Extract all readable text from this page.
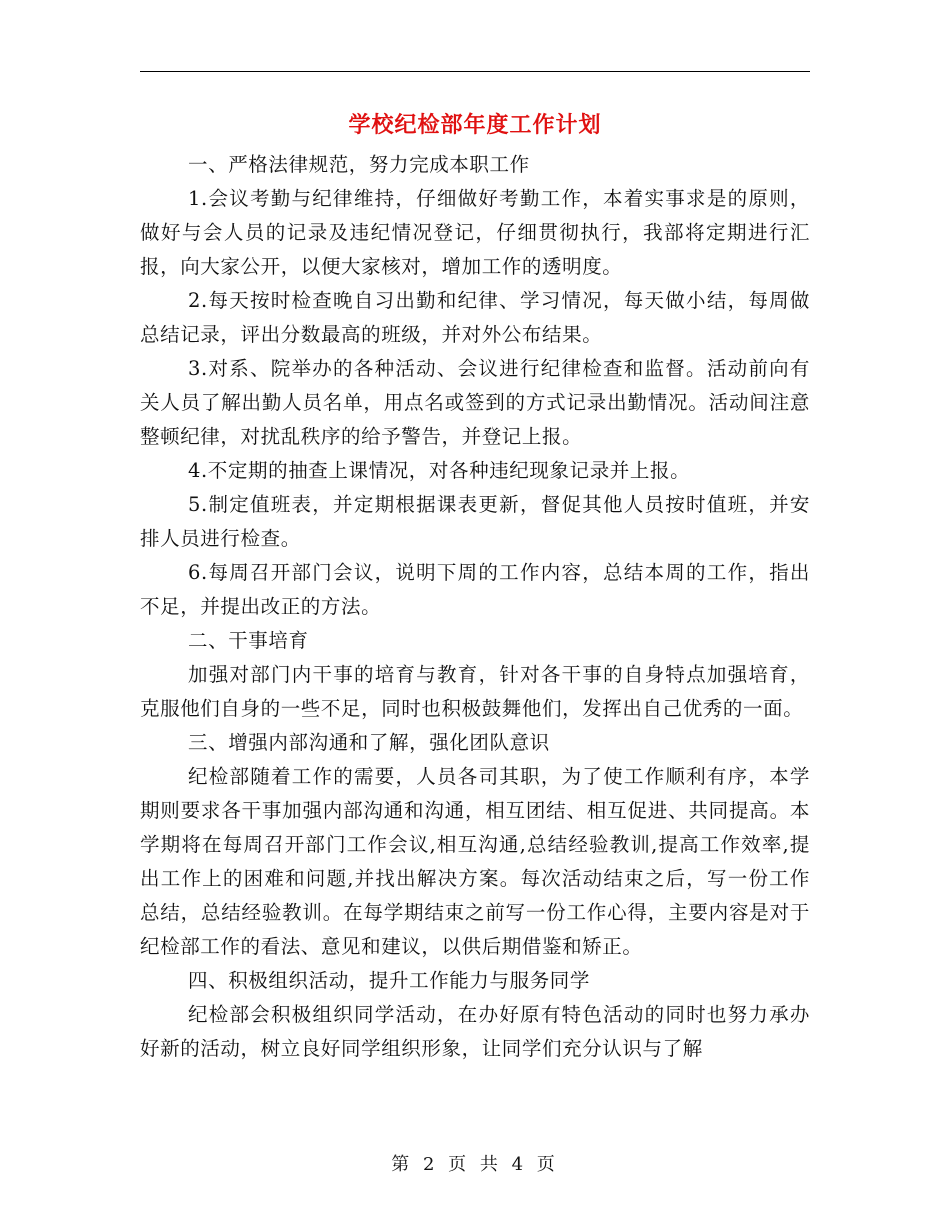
学校纪检部年度工作计划

一、严格法律规范，努力完成本职工作

1.会议考勤与纪律维持，仔细做好考勤工作，本着实事求是的原则，做好与会人员的记录及违纪情况登记，仔细贯彻执行，我部将定期进行汇报，向大家公开，以便大家核对，增加工作的透明度。

2.每天按时检查晚自习出勤和纪律、学习情况，每天做小结，每周做总结记录，评出分数最高的班级，并对外公布结果。

3.对系、院举办的各种活动、会议进行纪律检查和监督。活动前向有关人员了解出勤人员名单，用点名或签到的方式记录出勤情况。活动间注意整顿纪律，对扰乱秩序的给予警告，并登记上报。

4.不定期的抽查上课情况，对各种违纪现象记录并上报。

5.制定值班表，并定期根据课表更新，督促其他人员按时值班，并安排人员进行检查。

6.每周召开部门会议，说明下周的工作内容，总结本周的工作，指出不足，并提出改正的方法。

二、干事培育

加强对部门内干事的培育与教育，针对各干事的自身特点加强培育，克服他们自身的一些不足，同时也积极鼓舞他们，发挥出自己优秀的一面。

三、增强内部沟通和了解，强化团队意识

纪检部随着工作的需要，人员各司其职，为了使工作顺利有序，本学期则要求各干事加强内部沟通和沟通，相互团结、相互促进、共同提高。本学期将在每周召开部门工作会议,相互沟通,总结经验教训,提高工作效率,提出工作上的困难和问题,并找出解决方案。每次活动结束之后，写一份工作总结，总结经验教训。在每学期结束之前写一份工作心得，主要内容是对于纪检部工作的看法、意见和建议，以供后期借鉴和矫正。

四、积极组织活动，提升工作能力与服务同学

纪检部会积极组织同学活动，在办好原有特色活动的同时也努力承办好新的活动，树立良好同学组织形象，让同学们充分认识与了解

第 2 页 共 4 页
